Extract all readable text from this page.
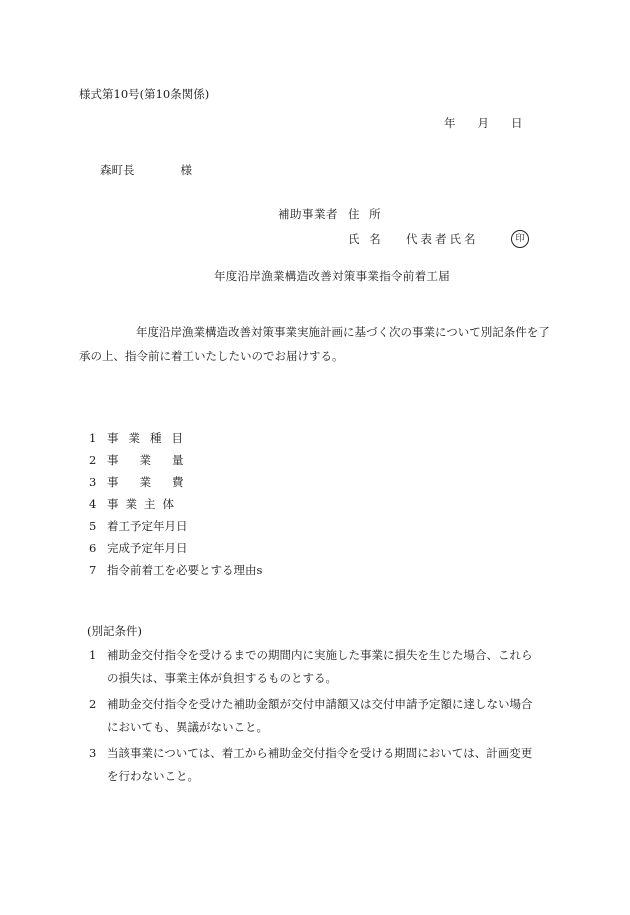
様式第10号(第10条関係)
年 月 日
森町長	様
補助事業者 住 所
氏 名 代表者氏名	印
年度沿岸漁業構造改善対策事業指令前着工届
年度沿岸漁業構造改善対策事業実施計画に基づく次の事業について別記条件を了承の上、指令前に着工いたしたいのでお届けする。
1 事業種目
2 事業量
3 事業費
4 事業主体
5 着工予定年月日
6 完成予定年月日
7 指令前着工を必要とする理由s
(別記条件)
1 補助金交付指令を受けるまでの期間内に実施した事業に損失を生じた場合、これら
の損失は、事業主体が負担するものとする。
2 補助金交付指令を受けた補助金額が交付申請額又は交付申請予定額に達しない場合
においても、異議がないこと。
3 当該事業については、着工から補助金交付指令を受ける期間においては、計画変更
を行わないこと。
